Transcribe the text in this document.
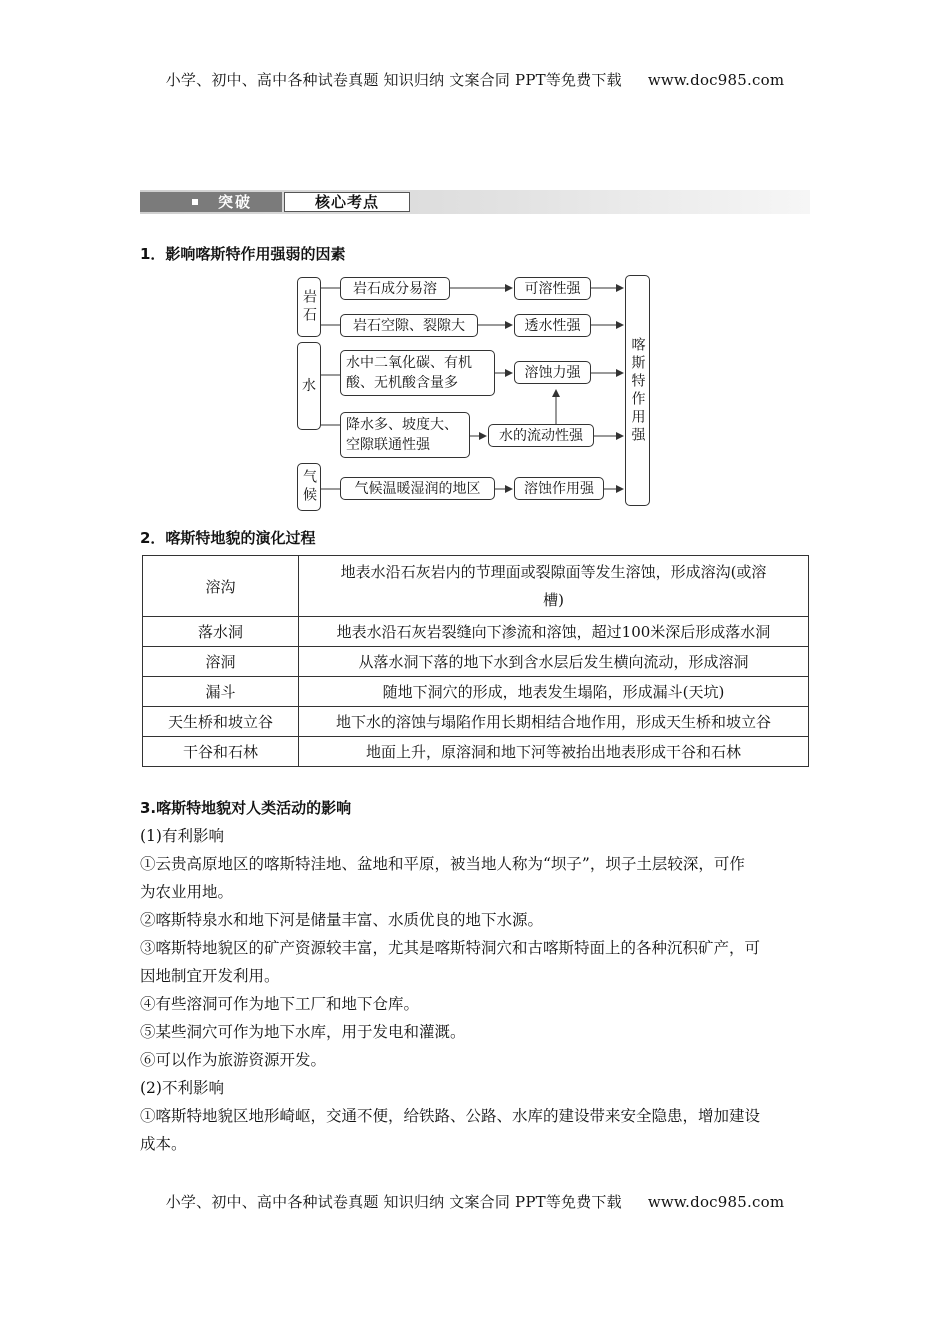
小学、初中、高中各种试卷真题 知识归纳 文案合同 PPT等免费下载 www.doc985.com
突破	核心考点
1．影响喀斯特作用强弱的因素
岩石
水
气候
岩石成分易溶
岩石空隙、裂隙大
水中二氧化碳、有机
酸、无机酸含量多
降水多、坡度大、
空隙联通性强
气候温暖湿润的地区
可溶性强
透水性强
溶蚀力强
水的流动性强
溶蚀作用强
喀斯特作用强
2．喀斯特地貌的演化过程
溶沟	地表水沿石灰岩内的节理面或裂隙面等发生溶蚀，形成溶沟(或溶
槽)
落水洞	地表水沿石灰岩裂缝向下渗流和溶蚀，超过100米深后形成落水洞
溶洞	从落水洞下落的地下水到含水层后发生横向流动，形成溶洞
漏斗	随地下洞穴的形成，地表发生塌陷，形成漏斗(天坑)
天生桥和坡立谷	地下水的溶蚀与塌陷作用长期相结合地作用，形成天生桥和坡立谷
干谷和石林	地面上升，原溶洞和地下河等被抬出地表形成干谷和石林
3.喀斯特地貌对人类活动的影响
(1)有利影响
①云贵高原地区的喀斯特洼地、盆地和平原，被当地人称为“坝子”，坝子土层较深，可作
为农业用地。
②喀斯特泉水和地下河是储量丰富、水质优良的地下水源。
③喀斯特地貌区的矿产资源较丰富，尤其是喀斯特洞穴和古喀斯特面上的各种沉积矿产，可
因地制宜开发利用。
④有些溶洞可作为地下工厂和地下仓库。
⑤某些洞穴可作为地下水库，用于发电和灌溉。
⑥可以作为旅游资源开发。
(2)不利影响
①喀斯特地貌区地形崎岖，交通不便，给铁路、公路、水库的建设带来安全隐患，增加建设
成本。
小学、初中、高中各种试卷真题 知识归纳 文案合同 PPT等免费下载 www.doc985.com
